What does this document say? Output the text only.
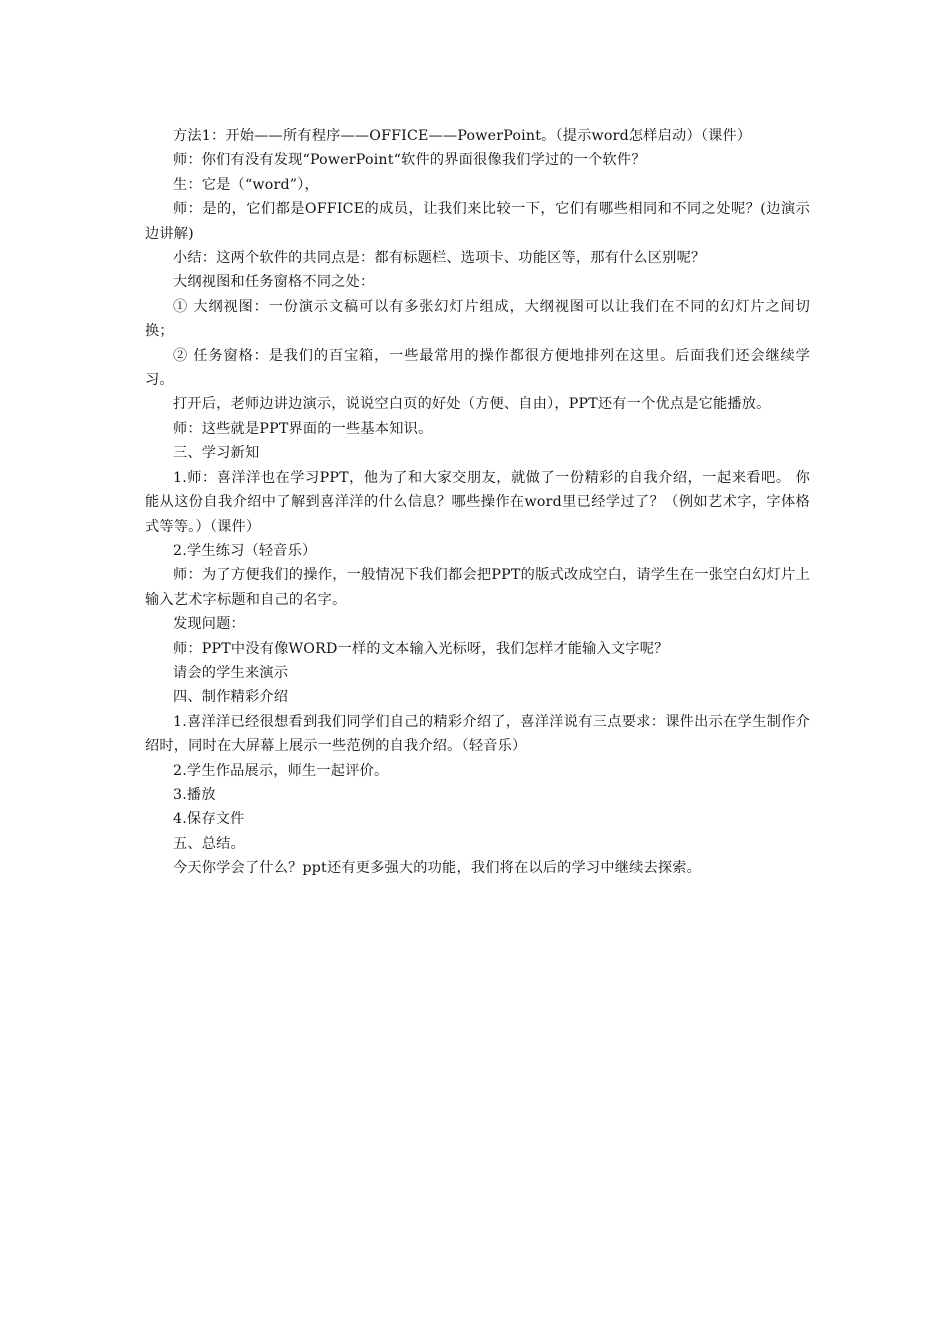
方法1：开始——所有程序——OFFICE——PowerPoint。（提示word怎样启动）（课件）

师：你们有没有发现“PowerPoint“软件的界面很像我们学过的一个软件？

生：它是（“word”），

师：是的，它们都是OFFICE的成员，让我们来比较一下，它们有哪些相同和不同之处呢？(边演示边讲解)

小结：这两个软件的共同点是：都有标题栏、选项卡、功能区等，那有什么区别呢？

大纲视图和任务窗格不同之处：

① 大纲视图：一份演示文稿可以有多张幻灯片组成，大纲视图可以让我们在不同的幻灯片之间切换；

② 任务窗格：是我们的百宝箱，一些最常用的操作都很方便地排列在这里。后面我们还会继续学习。

打开后，老师边讲边演示，说说空白页的好处（方便、自由），PPT还有一个优点是它能播放。

师：这些就是PPT界面的一些基本知识。

三、学习新知

1.师：喜洋洋也在学习PPT，他为了和大家交朋友，就做了一份精彩的自我介绍，一起来看吧。 你能从这份自我介绍中了解到喜洋洋的什么信息？哪些操作在word里已经学过了？（例如艺术字，字体格式等等。）（课件）

2.学生练习（轻音乐）

师：为了方便我们的操作，一般情况下我们都会把PPT的版式改成空白，请学生在一张空白幻灯片上输入艺术字标题和自己的名字。

发现问题：

师：PPT中没有像WORD一样的文本输入光标呀，我们怎样才能输入文字呢？

请会的学生来演示

四、制作精彩介绍

1.喜洋洋已经很想看到我们同学们自己的精彩介绍了，喜洋洋说有三点要求：课件出示在学生制作介绍时，同时在大屏幕上展示一些范例的自我介绍。（轻音乐）

2.学生作品展示，师生一起评价。

3.播放

4.保存文件

五、总结。

今天你学会了什么？ppt还有更多强大的功能，我们将在以后的学习中继续去探索。
